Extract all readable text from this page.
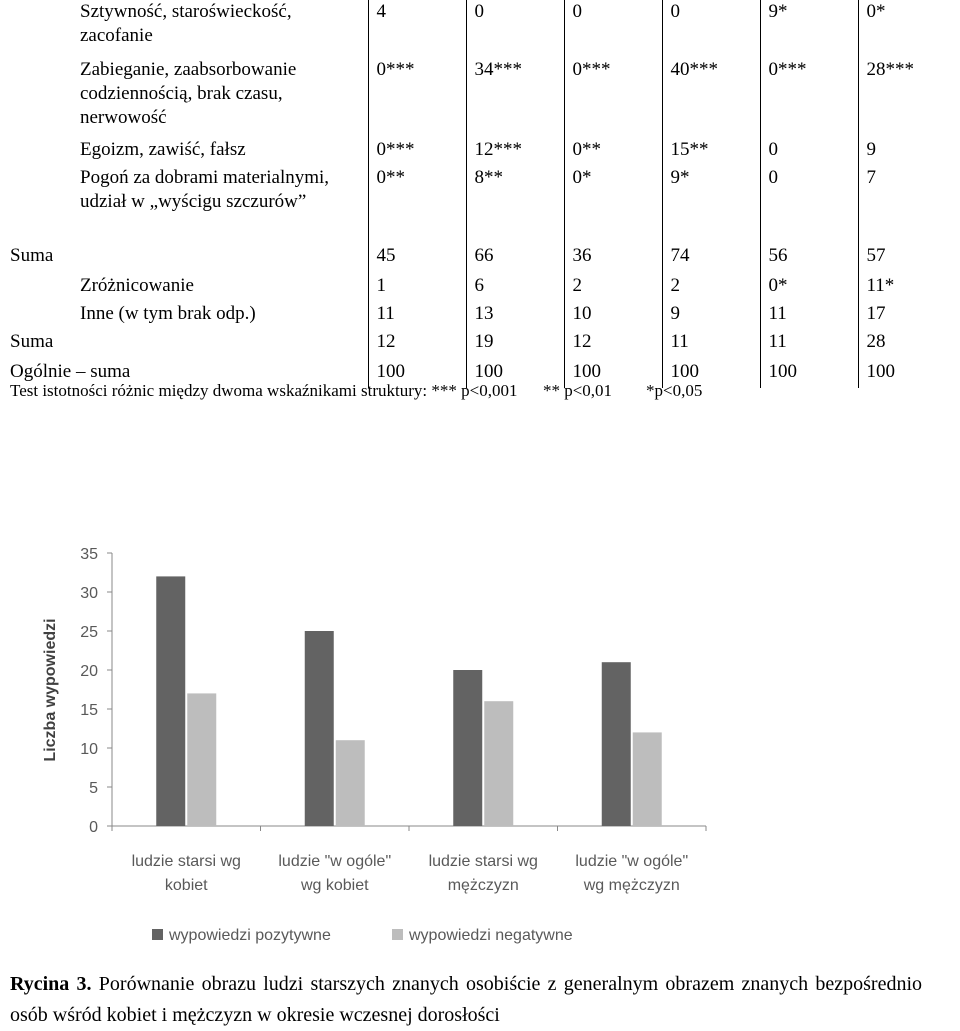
Sztywność, staroświeckość, zacofanie	4	0	0	0	9*	0*
Zabieganie, zaabsorbowanie codziennością, brak czasu, nerwowość	0***	34***	0***	40***	0***	28***
Egoizm, zawiść, fałsz	0***	12***	0**	15**	0	9
Pogoń za dobrami materialnymi, udział w „wyścigu szczurów”	0**	8**	0*	9*	0	7
Suma	45	66	36	74	56	57
Zróżnicowanie	1	6	2	2	0*	11*
Inne (w tym brak odp.)	11	13	10	9	11	17
Suma	12	19	12	11	11	28
Ogólnie – suma	100	100	100	100	100	100
Test istotności różnic między dwoma wskaźnikami struktury: *** p<0,001      ** p<0,01        *p<0,05
0
5
10
15
20
25
30
35
Liczba wypowiedzi
ludzie starsi wg
kobiet
ludzie "w ogóle"
wg kobiet
ludzie starsi wg
mężczyzn
ludzie "w ogóle"
wg mężczyzn
wypowiedzi pozytywne	wypowiedzi negatywne
Rycina 3. Porównanie obrazu ludzi starszych znanych osobiście z generalnym obrazem znanych bezpośrednio osób wśród kobiet i mężczyzn w okresie wczesnej dorosłości
